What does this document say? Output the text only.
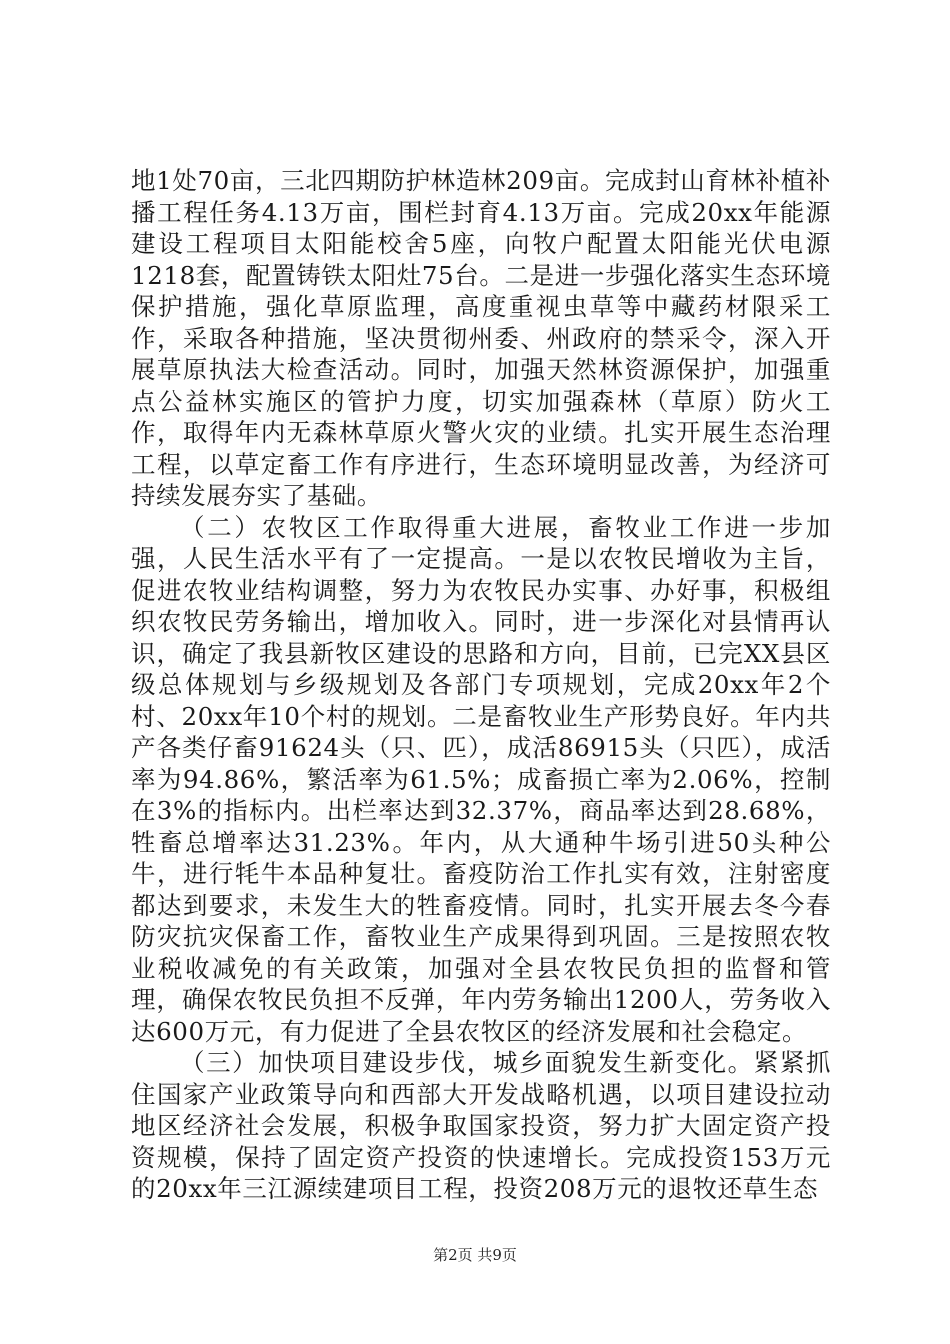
地1处70亩，三北四期防护林造林209亩。完成封山育林补植补播工程任务4.13万亩，围栏封育4.13万亩。完成20xx年能源建设工程项目太阳能校舍5座，向牧户配置太阳能光伏电源1218套，配置铸铁太阳灶75台。二是进一步强化落实生态环境保护措施，强化草原监理，高度重视虫草等中藏药材限采工作，采取各种措施，坚决贯彻州委、州政府的禁采令，深入开展草原执法大检查活动。同时，加强天然林资源保护，加强重点公益林实施区的管护力度，切实加强森林（草原）防火工作，取得年内无森林草原火警火灾的业绩。扎实开展生态治理工程，以草定畜工作有序进行，生态环境明显改善，为经济可持续发展夯实了基础。

（二）农牧区工作取得重大进展，畜牧业工作进一步加强，人民生活水平有了一定提高。一是以农牧民增收为主旨，促进农牧业结构调整，努力为农牧民办实事、办好事，积极组织农牧民劳务输出，增加收入。同时，进一步深化对县情再认识，确定了我县新牧区建设的思路和方向，目前，已完XX县区级总体规划与乡级规划及各部门专项规划，完成20xx年2个村、20xx年10个村的规划。二是畜牧业生产形势良好。年内共产各类仔畜91624头（只、匹），成活86915头（只匹），成活率为94.86%，繁活率为61.5%；成畜损亡率为2.06%，控制在3%的指标内。出栏率达到32.37%，商品率达到28.68%，牲畜总增率达31.23%。年内，从大通种牛场引进50头种公牛，进行牦牛本品种复壮。畜疫防治工作扎实有效，注射密度都达到要求，未发生大的牲畜疫情。同时，扎实开展去冬今春防灾抗灾保畜工作，畜牧业生产成果得到巩固。三是按照农牧业税收减免的有关政策，加强对全县农牧民负担的监督和管理，确保农牧民负担不反弹，年内劳务输出1200人，劳务收入达600万元，有力促进了全县农牧区的经济发展和社会稳定。

（三）加快项目建设步伐，城乡面貌发生新变化。紧紧抓住国家产业政策导向和西部大开发战略机遇，以项目建设拉动地区经济社会发展，积极争取国家投资，努力扩大固定资产投资规模，保持了固定资产投资的快速增长。完成投资153万元的20xx年三江源续建项目工程，投资208万元的退牧还草生态

第2页 共9页
